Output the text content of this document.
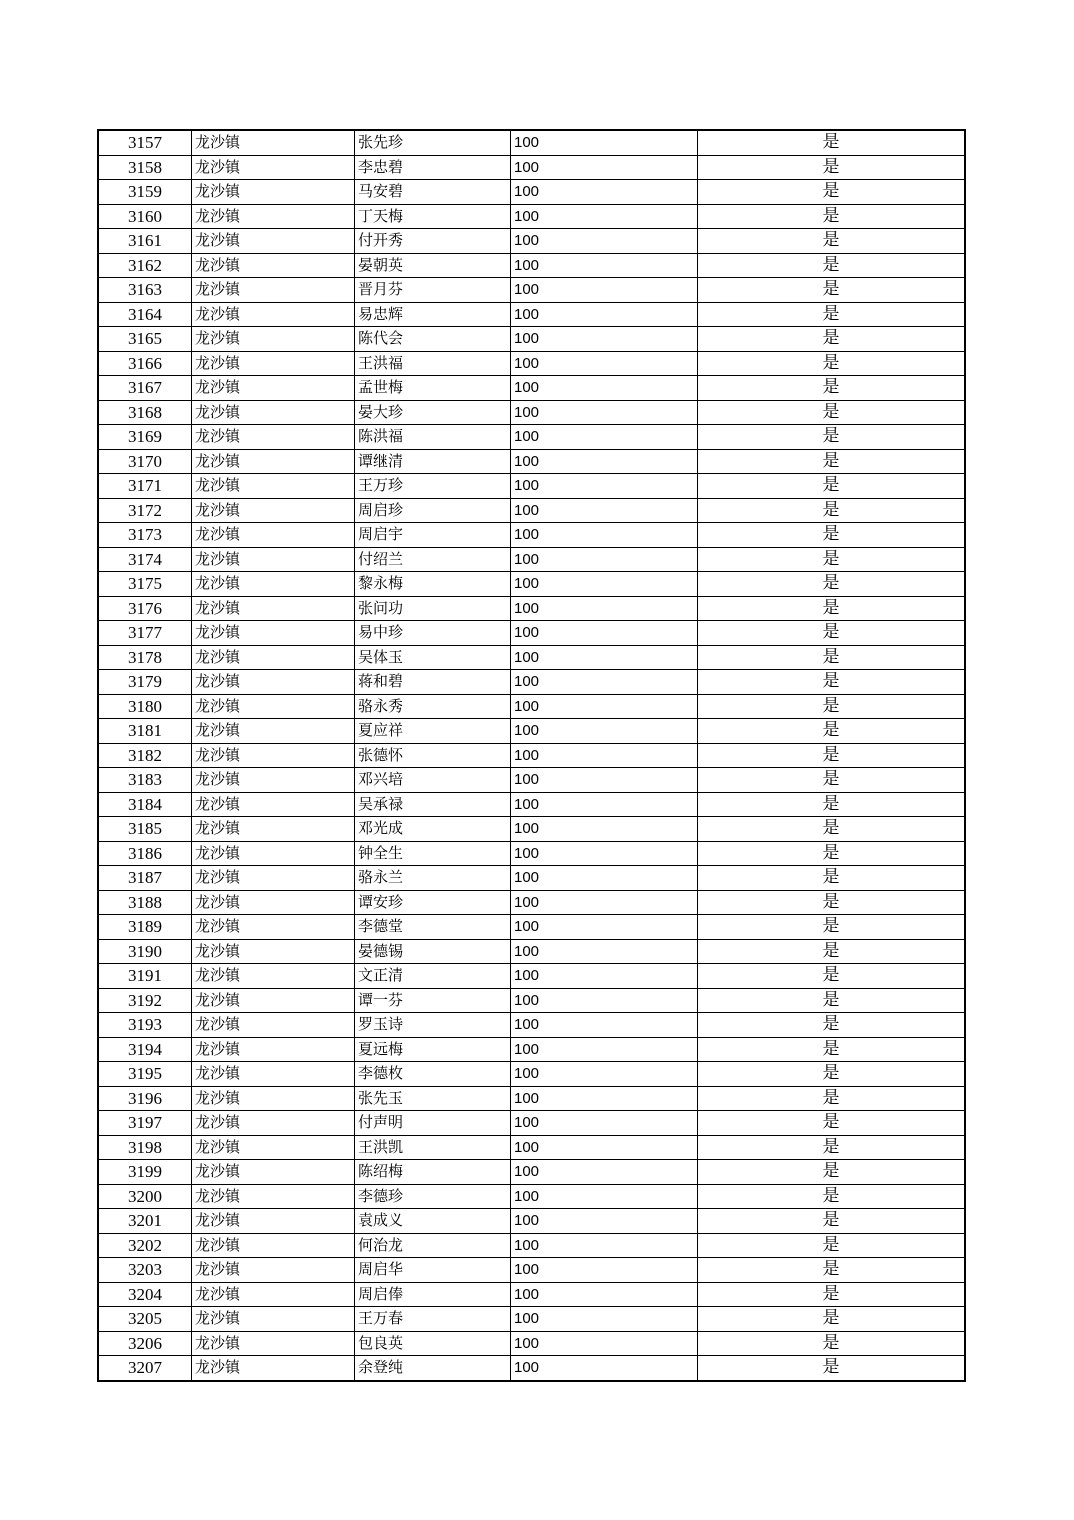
3157	龙沙镇	张先珍	100	是
3158	龙沙镇	李忠碧	100	是
3159	龙沙镇	马安碧	100	是
3160	龙沙镇	丁天梅	100	是
3161	龙沙镇	付开秀	100	是
3162	龙沙镇	晏朝英	100	是
3163	龙沙镇	晋月芬	100	是
3164	龙沙镇	易忠辉	100	是
3165	龙沙镇	陈代会	100	是
3166	龙沙镇	王洪福	100	是
3167	龙沙镇	孟世梅	100	是
3168	龙沙镇	晏大珍	100	是
3169	龙沙镇	陈洪福	100	是
3170	龙沙镇	谭继清	100	是
3171	龙沙镇	王万珍	100	是
3172	龙沙镇	周启珍	100	是
3173	龙沙镇	周启宇	100	是
3174	龙沙镇	付绍兰	100	是
3175	龙沙镇	黎永梅	100	是
3176	龙沙镇	张问功	100	是
3177	龙沙镇	易中珍	100	是
3178	龙沙镇	吴体玉	100	是
3179	龙沙镇	蒋和碧	100	是
3180	龙沙镇	骆永秀	100	是
3181	龙沙镇	夏应祥	100	是
3182	龙沙镇	张德怀	100	是
3183	龙沙镇	邓兴培	100	是
3184	龙沙镇	吴承禄	100	是
3185	龙沙镇	邓光成	100	是
3186	龙沙镇	钟全生	100	是
3187	龙沙镇	骆永兰	100	是
3188	龙沙镇	谭安珍	100	是
3189	龙沙镇	李德堂	100	是
3190	龙沙镇	晏德锡	100	是
3191	龙沙镇	文正清	100	是
3192	龙沙镇	谭一芬	100	是
3193	龙沙镇	罗玉诗	100	是
3194	龙沙镇	夏远梅	100	是
3195	龙沙镇	李德枚	100	是
3196	龙沙镇	张先玉	100	是
3197	龙沙镇	付声明	100	是
3198	龙沙镇	王洪凯	100	是
3199	龙沙镇	陈绍梅	100	是
3200	龙沙镇	李德珍	100	是
3201	龙沙镇	袁成义	100	是
3202	龙沙镇	何治龙	100	是
3203	龙沙镇	周启华	100	是
3204	龙沙镇	周启俸	100	是
3205	龙沙镇	王万春	100	是
3206	龙沙镇	包良英	100	是
3207	龙沙镇	余登纯	100	是
